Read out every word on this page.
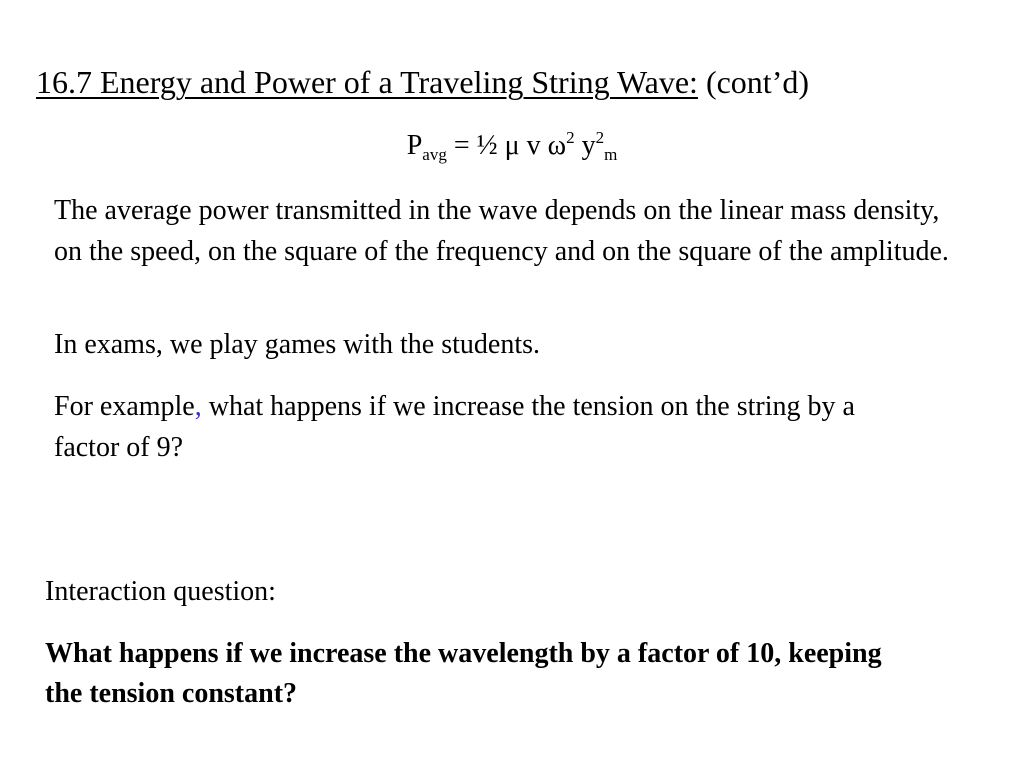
16.7 Energy and Power of a Traveling String Wave: (cont’d)
$P_{avg}$ = ½ μ v $\omega^2$ $y^2_m$
The average power transmitted in the wave depends on the linear mass density, on the speed, on the square of the frequency and on the square of the amplitude.
In exams, we play games with the students.
For example, what happens if we increase the tension on the string by a factor of 9?
Interaction question:
What happens if we increase the wavelength by a factor of 10, keeping the tension constant?
